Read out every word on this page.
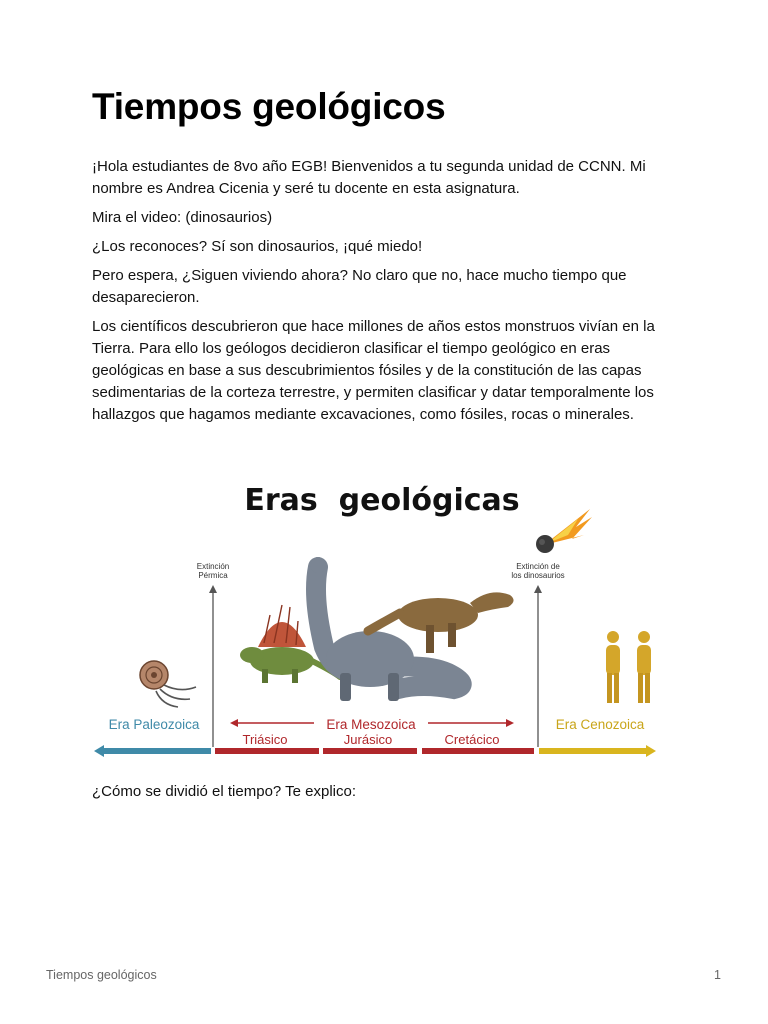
Tiempos geológicos

¡Hola estudiantes de 8vo año EGB! Bienvenidos a tu segunda unidad de CCNN. Mi nombre es Andrea Cicenia y seré tu docente en esta asignatura.

Mira el video: (dinosaurios)

¿Los reconoces? Sí son dinosaurios, ¡qué miedo!

Pero espera, ¿Siguen viviendo ahora? No claro que no, hace mucho tiempo que desaparecieron.

Los científicos descubrieron que hace millones de años estos monstruos vivían en la Tierra. Para ello los geólogos decidieron clasificar el tiempo geológico en eras geológicas en base a sus descubrimientos fósiles y de la constitución de las capas sedimentarias de la corteza terrestre, y permiten clasificar y datar temporalmente los hallazgos que hagamos mediante excavaciones, como fósiles, rocas o minerales.

Eras  geológicas
Extinción
Pérmica
Extinción de
los dinosaurios
Era Paleozoica	Era Mesozoica	Era Cenozoica
Triásico	Jurásico	Cretácico

¿Cómo se dividió el tiempo? Te explico:

Tiempos geológicos	1
